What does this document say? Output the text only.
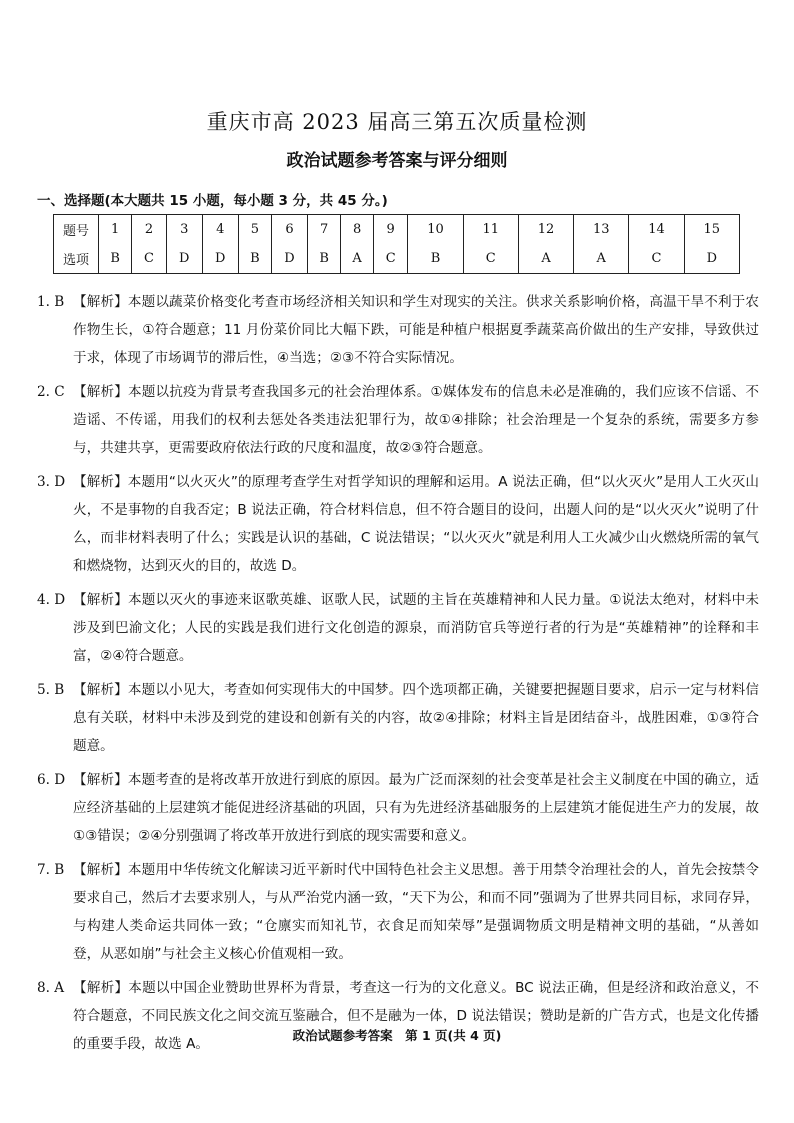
重庆市高 2023 届高三第五次质量检测
政治试题参考答案与评分细则
一、选择题(本大题共 15 小题，每小题 3 分，共 45 分。)
题号	1	2	3	4	5	6	7	8	9	10	11	12	13	14	15
选项	B	C	D	D	B	D	B	A	C	B	C	A	A	C	D
1. B 【解析】本题以蔬菜价格变化考查市场经济相关知识和学生对现实的关注。供求关系影响价格，高温干旱不利于农作物生长，①符合题意；11 月份菜价同比大幅下跌，可能是种植户根据夏季蔬菜高价做出的生产安排，导致供过于求，体现了市场调节的滞后性，④当选；②③不符合实际情况。
2. C 【解析】本题以抗疫为背景考查我国多元的社会治理体系。①媒体发布的信息未必是准确的，我们应该不信谣、不造谣、不传谣，用我们的权利去惩处各类违法犯罪行为，故①④排除；社会治理是一个复杂的系统，需要多方参与，共建共享，更需要政府依法行政的尺度和温度，故②③符合题意。
3. D 【解析】本题用“以火灭火”的原理考查学生对哲学知识的理解和运用。A 说法正确，但“以火灭火”是用人工火灭山火，不是事物的自我否定；B 说法正确，符合材料信息，但不符合题目的设问，出题人问的是“以火灭火”说明了什么，而非材料表明了什么；实践是认识的基础，C 说法错误；“以火灭火”就是利用人工火减少山火燃烧所需的氧气和燃烧物，达到灭火的目的，故选 D。
4. D 【解析】本题以灭火的事迹来讴歌英雄、讴歌人民，试题的主旨在英雄精神和人民力量。①说法太绝对，材料中未涉及到巴渝文化；人民的实践是我们进行文化创造的源泉，而消防官兵等逆行者的行为是“英雄精神”的诠释和丰富，②④符合题意。
5. B 【解析】本题以小见大，考查如何实现伟大的中国梦。四个选项都正确，关键要把握题目要求，启示一定与材料信息有关联，材料中未涉及到党的建设和创新有关的内容，故②④排除；材料主旨是团结奋斗，战胜困难，①③符合题意。
6. D 【解析】本题考查的是将改革开放进行到底的原因。最为广泛而深刻的社会变革是社会主义制度在中国的确立，适应经济基础的上层建筑才能促进经济基础的巩固，只有为先进经济基础服务的上层建筑才能促进生产力的发展，故①③错误；②④分别强调了将改革开放进行到底的现实需要和意义。
7. B 【解析】本题用中华传统文化解读习近平新时代中国特色社会主义思想。善于用禁令治理社会的人，首先会按禁令要求自己，然后才去要求别人，与从严治党内涵一致，“天下为公，和而不同”强调为了世界共同目标，求同存异，与构建人类命运共同体一致；“仓廪实而知礼节，衣食足而知荣辱”是强调物质文明是精神文明的基础，“从善如登，从恶如崩”与社会主义核心价值观相一致。
8. A 【解析】本题以中国企业赞助世界杯为背景，考查这一行为的文化意义。BC 说法正确，但是经济和政治意义，不符合题意，不同民族文化之间交流互鉴融合，但不是融为一体，D 说法错误；赞助是新的广告方式，也是文化传播的重要手段，故选 A。
政治试题参考答案　第 1 页(共 4 页)
